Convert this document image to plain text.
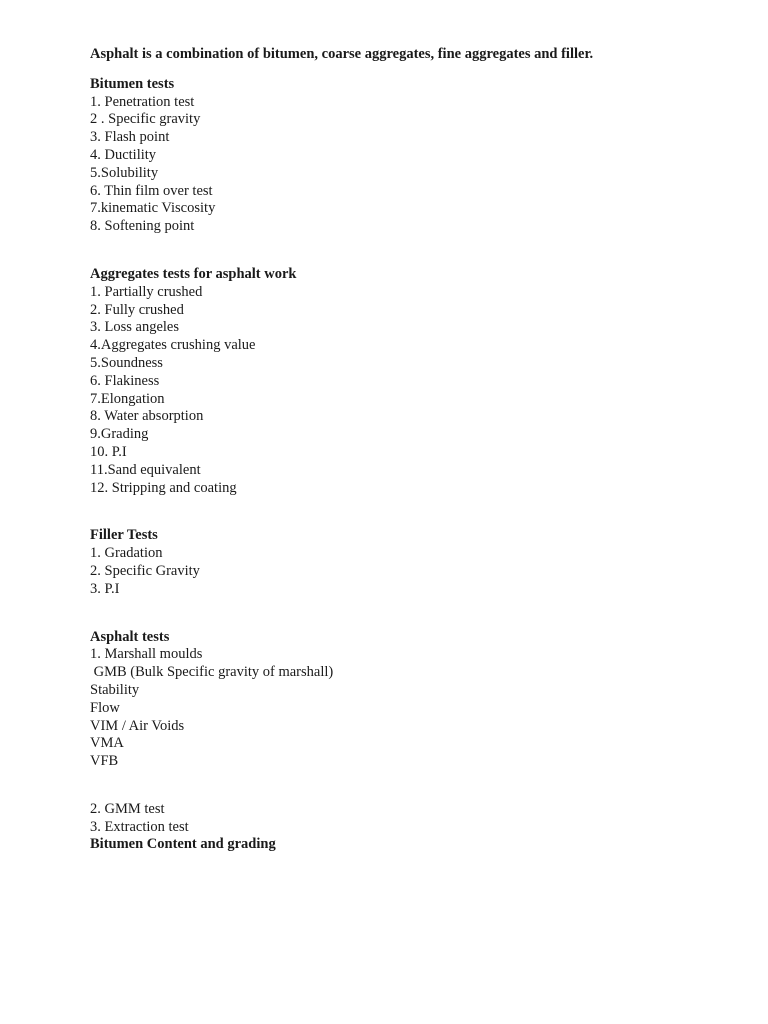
Asphalt is a combination of bitumen, coarse aggregates, fine aggregates and filler.
Bitumen tests
1. Penetration test
2 . Specific gravity
3. Flash point
4. Ductility
5.Solubility
6. Thin film over test
7.kinematic Viscosity
8. Softening point
Aggregates tests for asphalt work
1. Partially crushed
2. Fully crushed
3. Loss angeles
4.Aggregates crushing value
5.Soundness
6. Flakiness
7.Elongation
8. Water absorption
9.Grading
10. P.I
11.Sand equivalent
12. Stripping and coating
Filler Tests
1. Gradation
2. Specific Gravity
3. P.I
Asphalt tests
1. Marshall moulds
GMB (Bulk Specific gravity of marshall)
Stability
Flow
VIM / Air Voids
VMA
VFB
2. GMM test
3. Extraction test
Bitumen Content and grading
